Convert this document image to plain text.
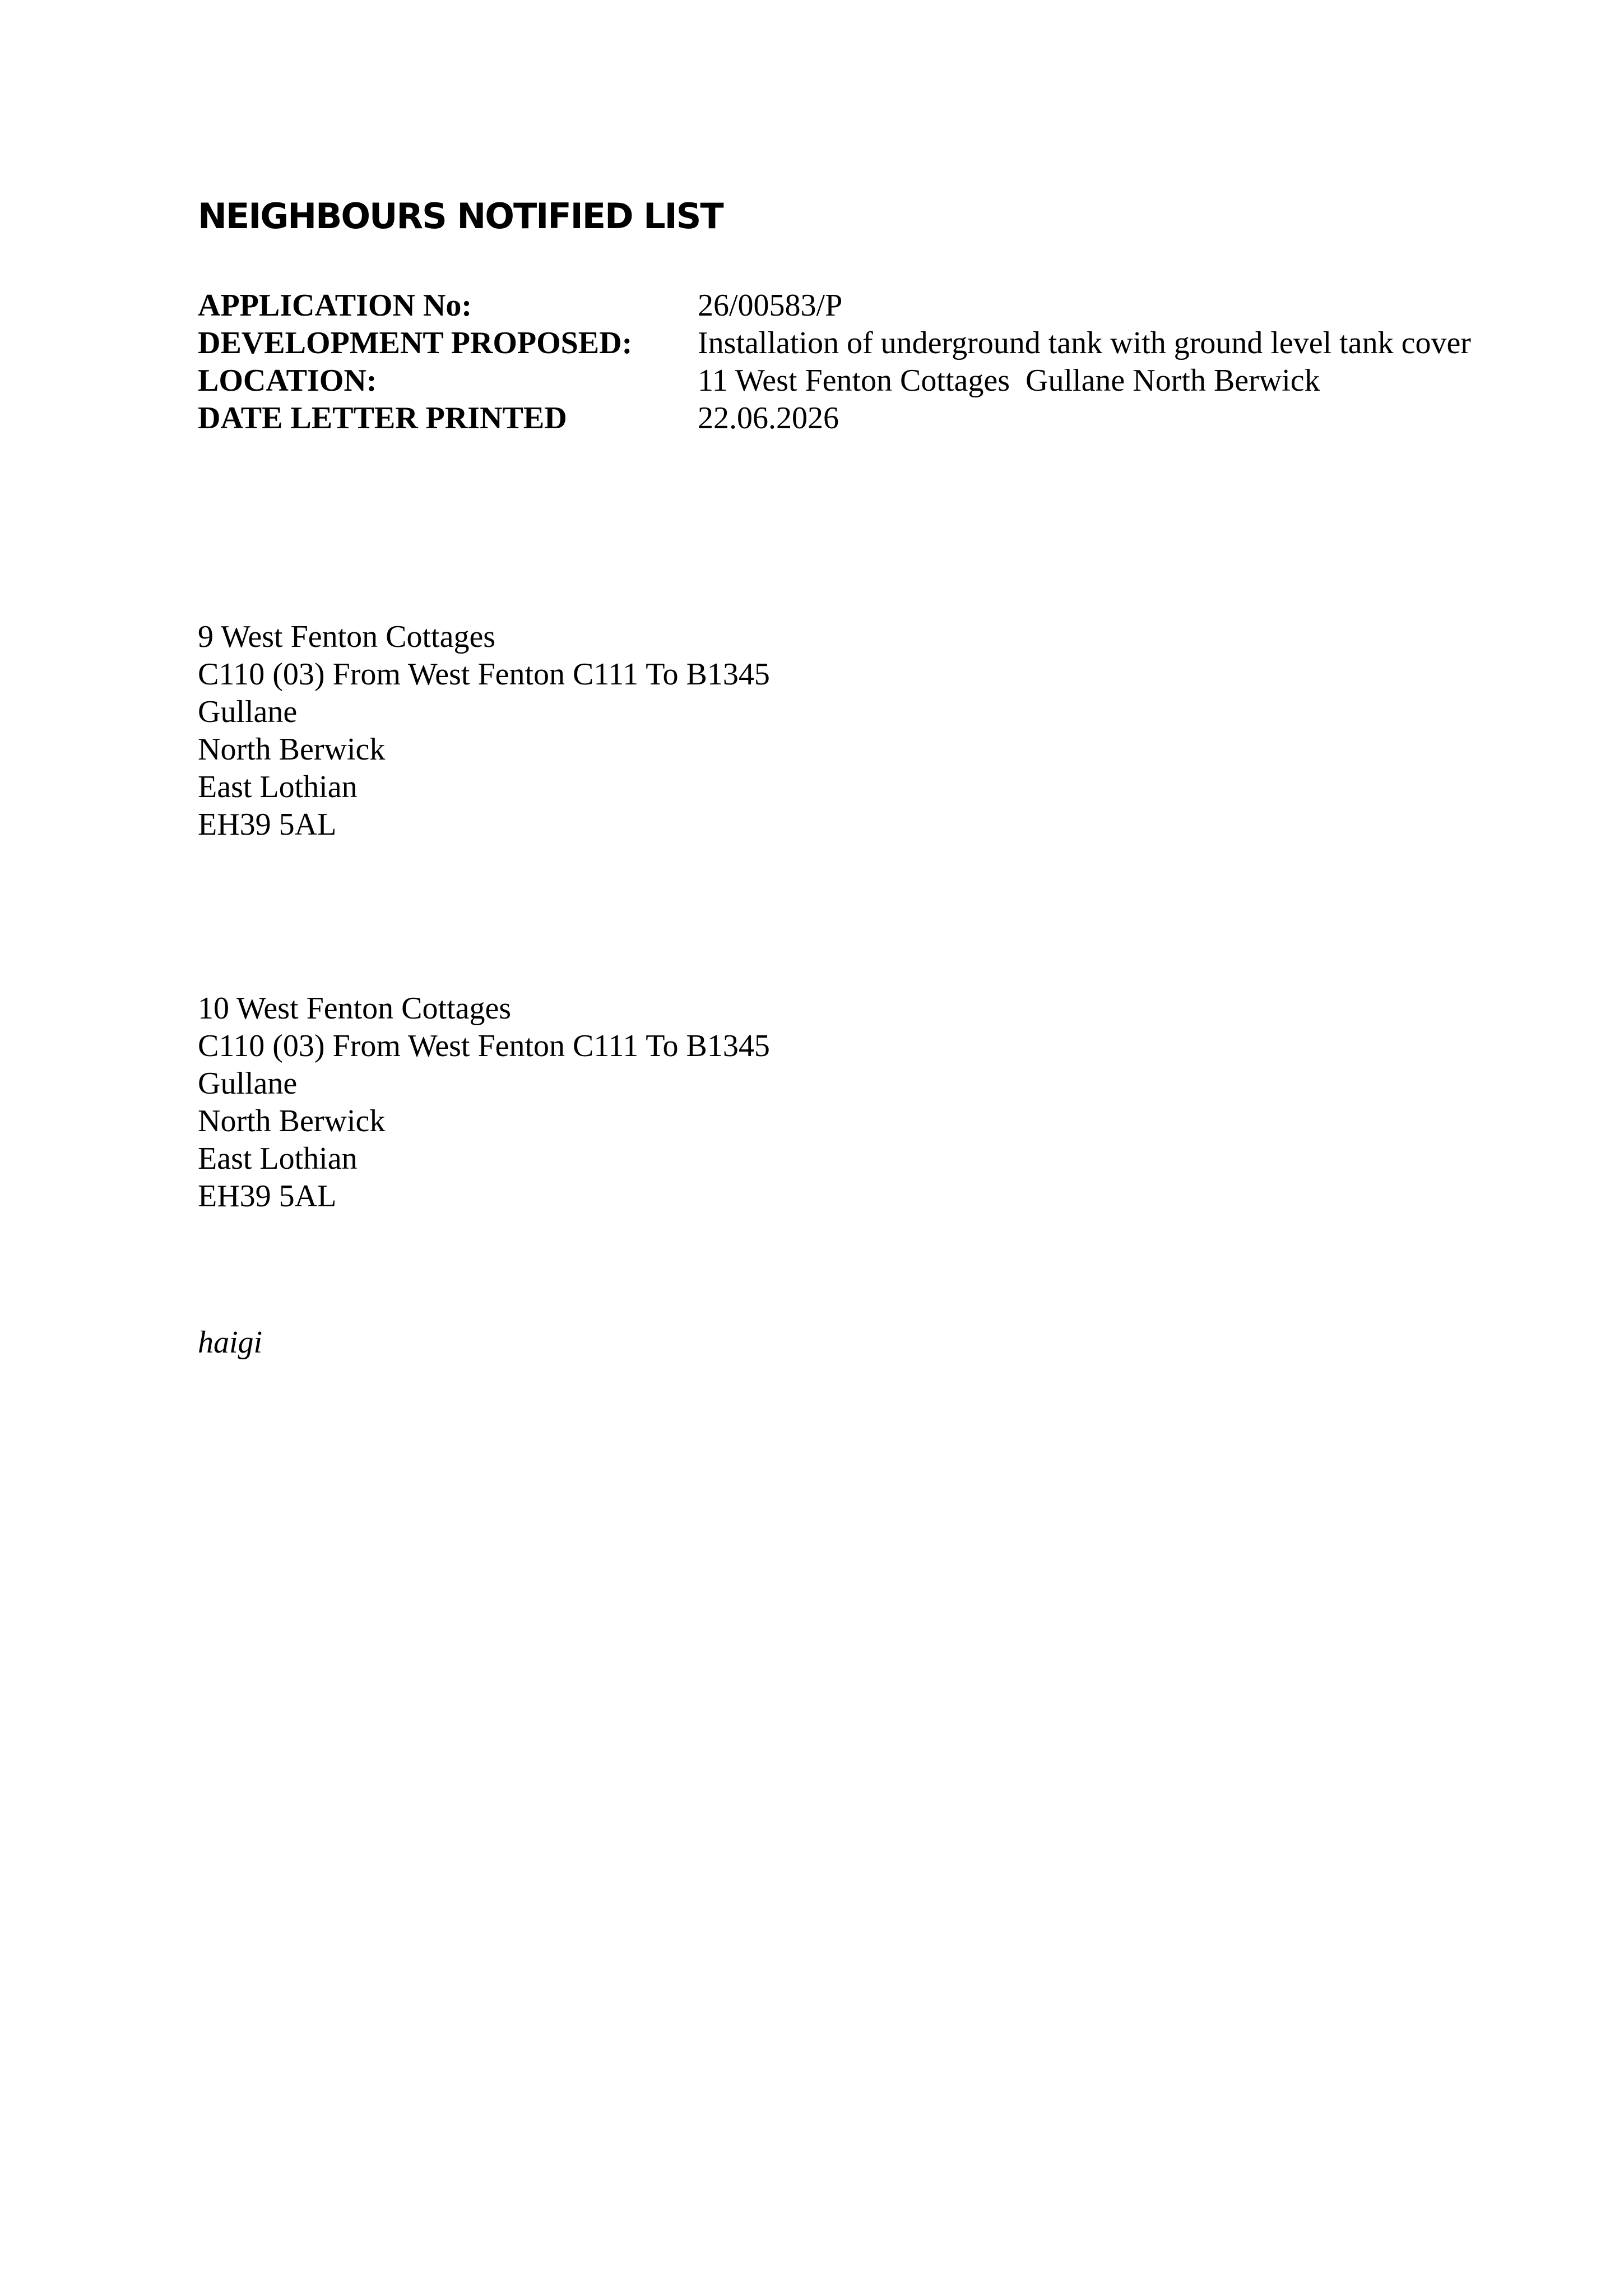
NEIGHBOURS NOTIFIED LIST
APPLICATION No:	26/00583/P
DEVELOPMENT PROPOSED:	Installation of underground tank with ground level tank cover
LOCATION:	11 West Fenton Cottages  Gullane North Berwick
DATE LETTER PRINTED	22.06.2026
9 West Fenton Cottages
C110 (03) From West Fenton C111 To B1345
Gullane
North Berwick
East Lothian
EH39 5AL
10 West Fenton Cottages
C110 (03) From West Fenton C111 To B1345
Gullane
North Berwick
East Lothian
EH39 5AL
haigi
